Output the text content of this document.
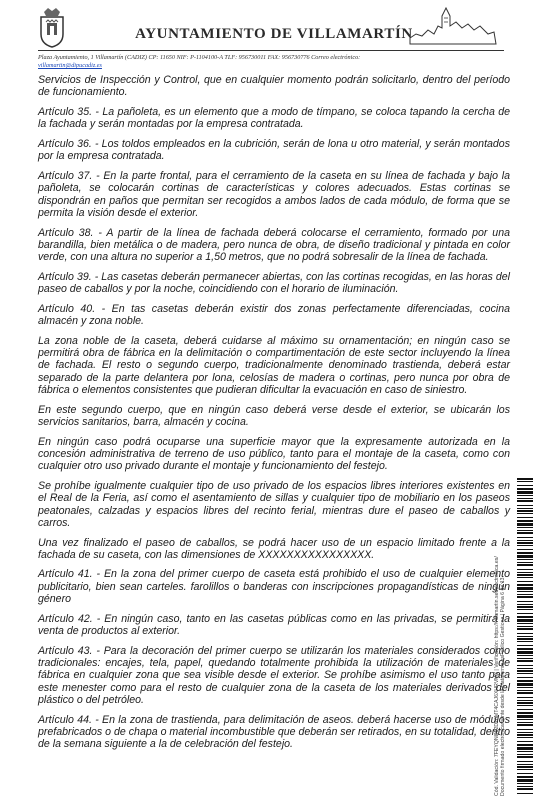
AYUNTAMIENTO DE VILLAMARTÍN
Plaza Ayuntamiento, 1 Villamartín (CADIZ) CP: 11650 NIF: P-1104100-A TLF: 956730011 FAX: 956730776 Correo electrónico:
villamartin@dipucadiz.es

Servicios de Inspección y Control, que en cualquier momento podrán solicitarlo, dentro del período de funcionamiento.

Artículo 35. - La pañoleta, es un elemento que a modo de tímpano, se coloca tapando la cercha de la fachada y serán montadas por la empresa contratada.

Artículo 36. - Los toldos empleados en la cubrición, serán de lona u otro material, y serán montados por la empresa contratada.

Artículo 37. - En la parte frontal, para el cerramiento de la caseta en su línea de fachada y bajo la pañoleta, se colocarán cortinas de características y colores adecuados. Estas cortinas se dispondrán en paños que permitan ser recogidos a ambos lados de cada módulo, de forma que se permita la visión desde el exterior.

Artículo 38. - A partir de la línea de fachada deberá colocarse el cerramiento, formado por una barandilla, bien metálica o de madera, pero nunca de obra, de diseño tradicional y pintada en color verde, con una altura no superior a 1,50 metros, que no podrá sobresalir de la línea de fachada.

Artículo 39. - Las casetas deberán permanecer abiertas, con las cortinas recogidas, en las horas del paseo de caballos y por la noche, coincidiendo con el horario de iluminación.

Artículo 40. - En tas casetas deberán existir dos zonas perfectamente diferenciadas, cocina almacén y zona noble.

La zona noble de la caseta, deberá cuidarse al máximo su ornamentación; en ningún caso se permitirá obra de fábrica en la delimitación o compartimentación de este sector incluyendo la línea de fachada. El resto o segundo cuerpo, tradicionalmente denominado trastienda, deberá estar separado de la parte delantera por lona, celosías de madera o cortinas, pero nunca por obra de fábrica o elementos consistentes que pudieran dificultar la evacuación en caso de siniestro.

En este segundo cuerpo, que en ningún caso deberá verse desde el exterior, se ubicarán los servicios sanitarios, barra, almacén y cocina.

En ningún caso podrá ocuparse una superficie mayor que la expresamente autorizada en la concesión administrativa de terreno de uso público, tanto para el montaje de la caseta, como con cualquier otro uso privado durante el montaje y funcionamiento del festejo.

Se prohíbe igualmente cualquier tipo de uso privado de los espacios libres interiores existentes en el Real de la Feria, así como el asentamiento de sillas y cualquier tipo de mobiliario en los paseos peatonales, calzadas y espacios libres del recinto ferial, mientras dure el paseo de caballos y carros.

Una vez finalizado el paseo de caballos, se podrá hacer uso de un espacio limitado frente a la fachada de su caseta, con las dimensiones de XXXXXXXXXXXXXXXX.

Artículo 41. - En la zona del primer cuerpo de caseta está prohibido el uso de cualquier elemento publicitario, bien sean carteles. farolillos o banderas con inscripciones propagandísticas de ningún género

Artículo 42. - En ningún caso, tanto en las casetas públicas como en las privadas, se permitirá la venta de productos al exterior.

Artículo 43. - Para la decoración del primer cuerpo se utilizarán los materiales considerados como tradicionales: encajes, tela, papel, quedando totalmente prohibida la utilización de materiales de fábrica en cualquier zona que sea visible desde el exterior. Se prohíbe asimismo el uso tanto para este menester como para el resto de cualquier zona de la caseta de los materiales derivados del plástico o del petróleo.

Artículo 44. - En la zona de trastienda, para delimitación de aseos. deberá hacerse uso de módulos prefabricados o de chapa o material incombustible que deberán ser retirados, en su totalidad, dentro de la semana siguiente a la de celebración del festejo.	Cód. Validación: 7FEYQNQ52D26MT4CAJ6XHRVMY | Verificación: https://villamartin.sedelectronica.es/ Documento firmado electrónicamente desde la plataforma esPublico Gestiona | Página 6 de 13
